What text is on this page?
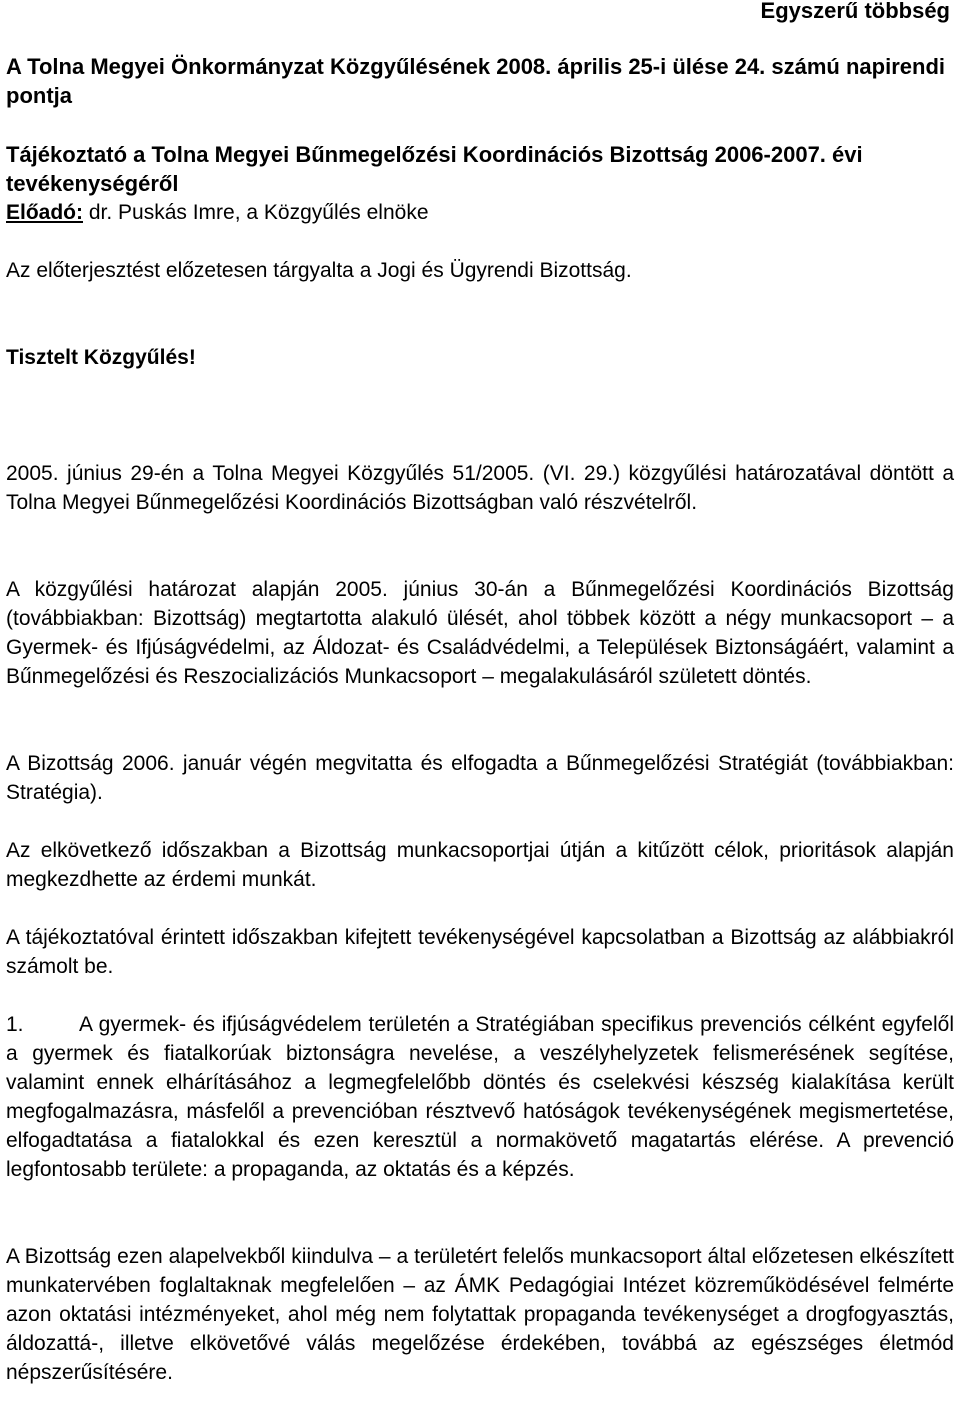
Egyszerű többség
A Tolna Megyei Önkormányzat Közgyűlésének 2008. április 25-i ülése 24. számú napirendi pontja
Tájékoztató a Tolna Megyei Bűnmegelőzési Koordinációs Bizottság 2006-2007. évi tevékenységéről
Előadó: dr. Puskás Imre, a Közgyűlés elnöke
Az előterjesztést előzetesen tárgyalta a Jogi és Ügyrendi Bizottság.
Tisztelt Közgyűlés!

2005. június 29-én a Tolna Megyei Közgyűlés 51/2005. (VI. 29.) közgyűlési határozatával döntött a Tolna Megyei Bűnmegelőzési Koordinációs Bizottságban való részvételről.

A közgyűlési határozat alapján 2005. június 30-án a Bűnmegelőzési Koordinációs Bizottság (továbbiakban: Bizottság) megtartotta alakuló ülését, ahol többek között a négy munkacsoport – a Gyermek- és Ifjúságvédelmi, az Áldozat- és Családvédelmi, a Települések Biztonságáért, valamint a Bűnmegelőzési és Reszocializációs Munkacsoport – megalakulásáról született döntés.

A Bizottság 2006. január végén megvitatta és elfogadta a Bűnmegelőzési Stratégiát (továbbiakban: Stratégia).

Az elkövetkező időszakban a Bizottság munkacsoportjai útján a kitűzött célok, prioritások alapján megkezdhette az érdemi munkát.

A tájékoztatóval érintett időszakban kifejtett tevékenységével kapcsolatban a Bizottság az alábbiakról számolt be.

1.	A gyermek- és ifjúságvédelem területén a Stratégiában specifikus prevenciós célként egyfelől a gyermek és fiatalkorúak biztonságra nevelése, a veszélyhelyzetek felismerésének segítése, valamint ennek elhárításához a legmegfelelőbb döntés és cselekvési készség kialakítása került megfogalmazásra, másfelől a prevencióban résztvevő hatóságok tevékenységének megismertetése, elfogadtatása a fiatalokkal és ezen keresztül a normakövető magatartás elérése. A prevenció legfontosabb területe: a propaganda, az oktatás és a képzés.

A Bizottság ezen alapelvekből kiindulva – a területért felelős munkacsoport által előzetesen elkészített munkatervében foglaltaknak megfelelően – az ÁMK Pedagógiai Intézet közreműködésével felmérte azon oktatási intézményeket, ahol még nem folytattak propaganda tevékenységet a drogfogyasztás, áldozattá-, illetve elkövetővé válás megelőzése érdekében, továbbá az egészséges életmód népszerűsítésére.
